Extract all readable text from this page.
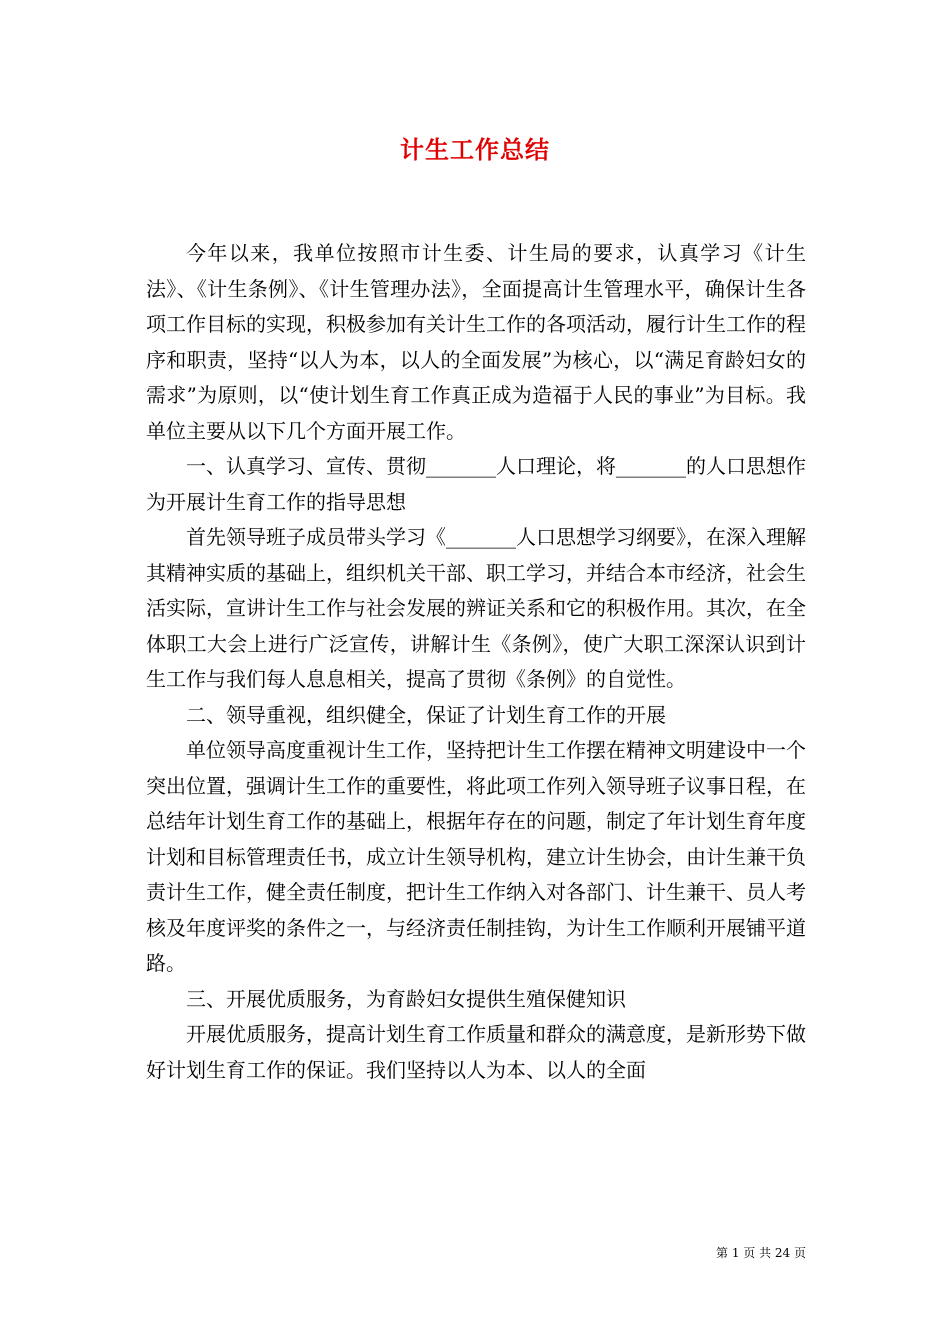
计生工作总结

今年以来，我单位按照市计生委、计生局的要求，认真学习《计生法》、《计生条例》、《计生管理办法》，全面提高计生管理水平，确保计生各项工作目标的实现，积极参加有关计生工作的各项活动，履行计生工作的程序和职责，坚持“以人为本，以人的全面发展”为核心，以“满足育龄妇女的需求”为原则，以“使计划生育工作真正成为造福于人民的事业”为目标。我单位主要从以下几个方面开展工作。

一、认真学习、宣传、贯彻_______人口理论，将_______的人口思想作为开展计生育工作的指导思想

首先领导班子成员带头学习《_______人口思想学习纲要》，在深入理解其精神实质的基础上，组织机关干部、职工学习，并结合本市经济，社会生活实际，宣讲计生工作与社会发展的辨证关系和它的积极作用。其次，在全体职工大会上进行广泛宣传，讲解计生《条例》，使广大职工深深认识到计生工作与我们每人息息相关，提高了贯彻《条例》的自觉性。

二、领导重视，组织健全，保证了计划生育工作的开展

单位领导高度重视计生工作，坚持把计生工作摆在精神文明建设中一个突出位置，强调计生工作的重要性，将此项工作列入领导班子议事日程，在总结年计划生育工作的基础上，根据年存在的问题，制定了年计划生育年度计划和目标管理责任书，成立计生领导机构，建立计生协会，由计生兼干负责计生工作，健全责任制度，把计生工作纳入对各部门、计生兼干、员人考核及年度评奖的条件之一，与经济责任制挂钩，为计生工作顺利开展铺平道路。

三、开展优质服务，为育龄妇女提供生殖保健知识

开展优质服务，提高计划生育工作质量和群众的满意度，是新形势下做好计划生育工作的保证。我们坚持以人为本、以人的全面

第 1 页 共 24 页
